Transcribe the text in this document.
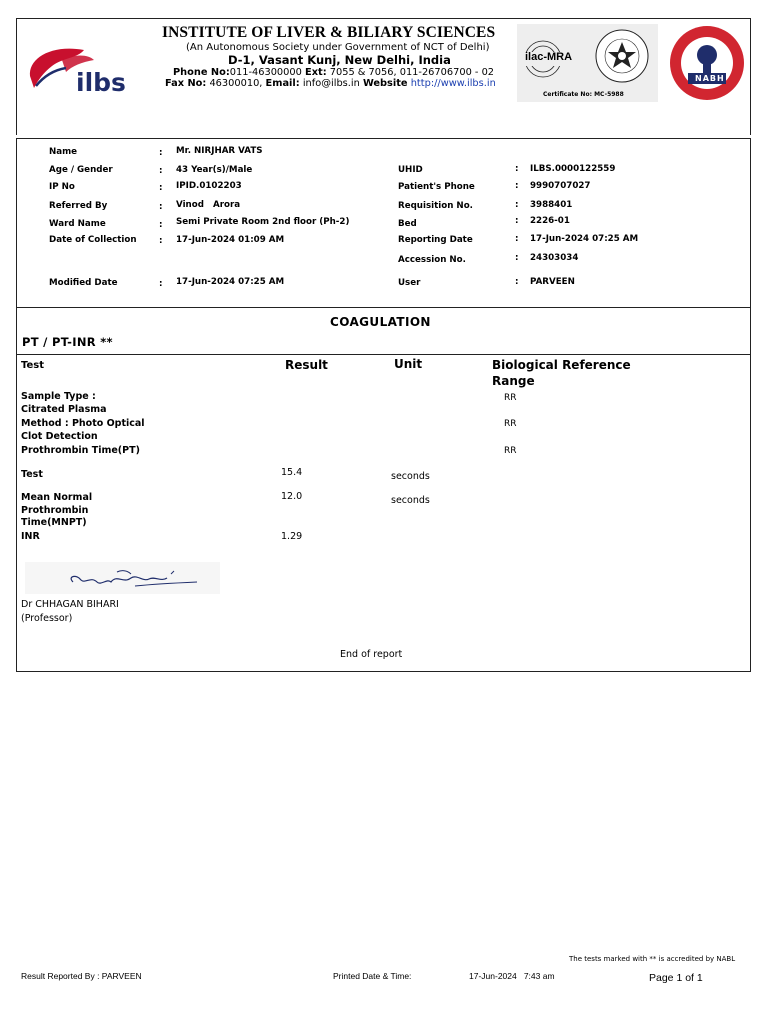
ilbs
INSTITUTE OF LIVER & BILIARY SCIENCES
(An Autonomous Society under Government of NCT of Delhi)
D-1, Vasant Kunj, New Delhi, India
Phone No:011-46300000 Ext: 7055 & 7056, 011-26706700 - 02
Fax No: 46300010, Email: info@ilbs.in Website http://www.ilbs.in
ilac-MRA
Certificate No: MC-5988
NABH
Name	: Mr. NIRJHAR VATS
Age / Gender	: 43 Year(s)/Male
IP No	: IPID.0102203
Referred By	: Vinod   Arora
Ward Name	: Semi Private Room 2nd floor (Ph-2)
Date of Collection	: 17-Jun-2024 01:09 AM
Modified Date	: 17-Jun-2024 07:25 AM
UHID	: ILBS.0000122559
Patient's Phone	: 9990707027
Requisition No.	: 3988401
Bed	: 2226-01
Reporting Date	: 17-Jun-2024 07:25 AM
Accession No.	: 24303034
User	: PARVEEN
COAGULATION
PT / PT-INR **
Test	Result	Unit	Biological Reference Range
Sample Type :
Citrated Plasma
RR
Method : Photo Optical
Clot Detection
RR
Prothrombin Time(PT)	RR
Test	15.4	seconds
Mean Normal
Prothrombin
Time(MNPT)
12.0	seconds
INR	1.29
Dr CHHAGAN BIHARI
(Professor)
End of report
The tests marked with ** is accredited by NABL
Result Reported By : PARVEEN	Printed Date & Time:	17-Jun-2024   7:43 am	Page 1 of 1
